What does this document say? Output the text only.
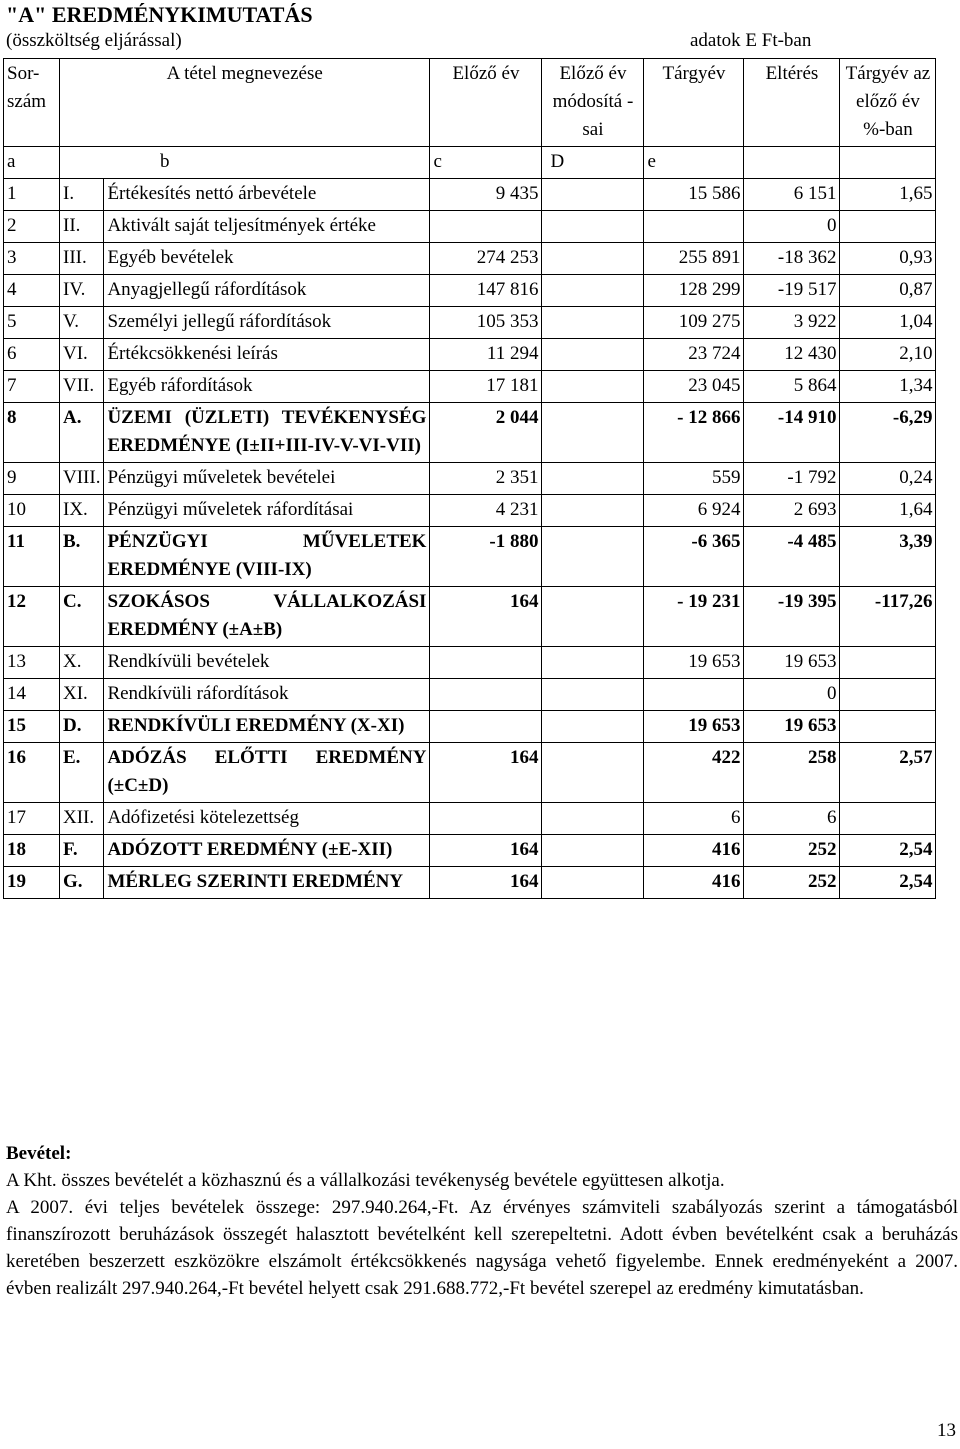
"A" EREDMÉNYKIMUTATÁS
(összköltség eljárással)	adatok E Ft-ban
Sor-szám	A tétel megnevezése		Előző év	Előző év módosítá -sai	Tárgyév	Eltérés	Tárgyév az előző év %-ban
a	b		c	D	e		
1	I.	Értékesítés nettó árbevétele	9 435		15 586	6 151	1,65
2	II.	Aktivált saját teljesítmények értéke				0	
3	III.	Egyéb bevételek	274 253		255 891	-18 362	0,93
4	IV.	Anyagjellegű ráfordítások	147 816		128 299	-19 517	0,87
5	V.	Személyi jellegű ráfordítások	105 353		109 275	3 922	1,04
6	VI.	Értékcsökkenési leírás	11 294		23 724	12 430	2,10
7	VII.	Egyéb ráfordítások	17 181		23 045	5 864	1,34
8	A.	ÜZEMI (ÜZLETI) TEVÉKENYSÉG EREDMÉNYE (I±II+III-IV-V-VI-VII)	2 044		- 12 866	-14 910	-6,29
9	VIII.	Pénzügyi műveletek bevételei	2 351		559	-1 792	0,24
10	IX.	Pénzügyi műveletek ráfordításai	4 231		6 924	2 693	1,64
11	B.	PÉNZÜGYI MŰVELETEK EREDMÉNYE (VIII-IX)	-1 880		-6 365	-4 485	3,39
12	C.	SZOKÁSOS VÁLLALKOZÁSI EREDMÉNY (±A±B)	164		- 19 231	-19 395	-117,26
13	X.	Rendkívüli bevételek			19 653	19 653	
14	XI.	Rendkívüli ráfordítások				0	
15	D.	RENDKÍVÜLI EREDMÉNY (X-XI)			19 653	19 653	
16	E.	ADÓZÁS ELŐTTI EREDMÉNY (±C±D)	164		422	258	2,57
17	XII.	Adófizetési kötelezettség			6	6	
18	F.	ADÓZOTT EREDMÉNY (±E-XII)	164		416	252	2,54
19	G.	MÉRLEG SZERINTI EREDMÉNY	164		416	252	2,54
Bevétel:

A Kht. összes bevételét a közhasznú és a vállalkozási tevékenység bevétele együttesen alkotja.

A 2007. évi teljes bevételek összege: 297.940.264,-Ft. Az érvényes számviteli szabályozás szerint a támogatásból finanszírozott beruházások összegét halasztott bevételként kell szerepeltetni. Adott évben bevételként csak a beruházás keretében beszerzett eszközökre elszámolt értékcsökkenés nagysága vehető figyelembe. Ennek eredményeként a 2007. évben realizált 297.940.264,-Ft bevétel helyett csak 291.688.772,-Ft bevétel szerepel az eredmény kimutatásban.

13
